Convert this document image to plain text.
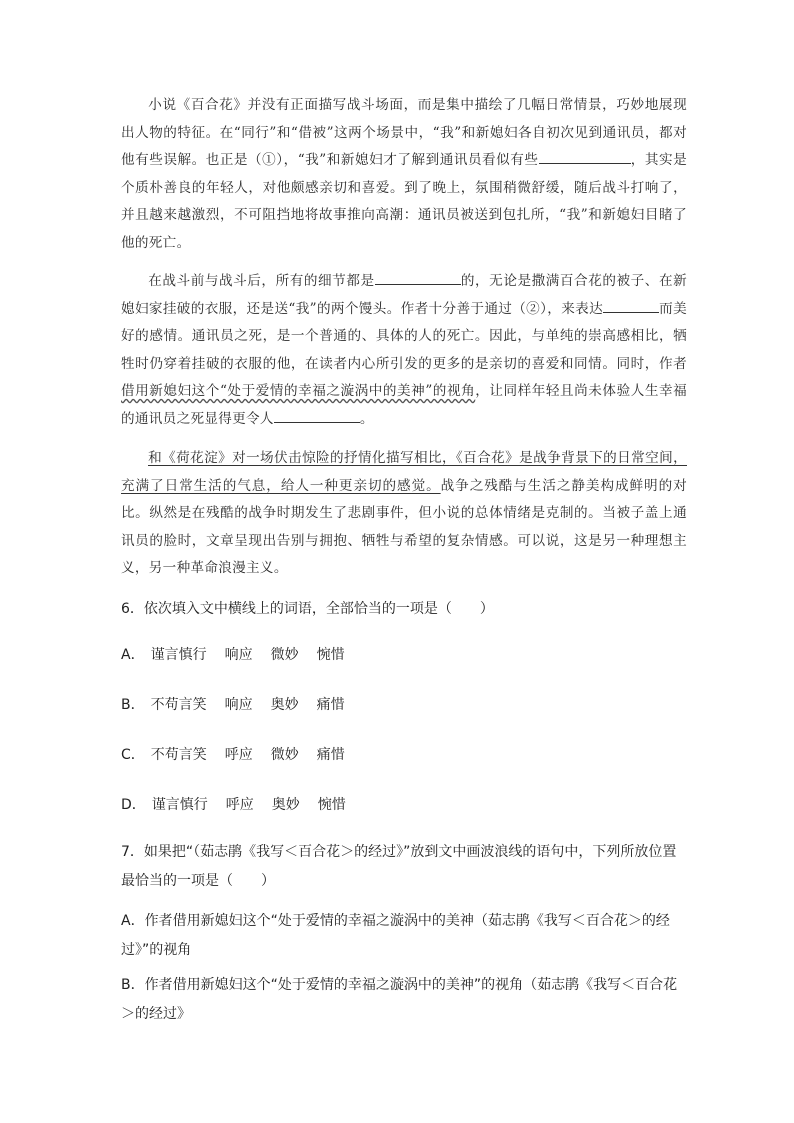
小说《百合花》并没有正面描写战斗场面，而是集中描绘了几幅日常情景，巧妙地展现出人物的特征。在“同行”和“借被”这两个场景中，“我”和新媳妇各自初次见到通讯员，都对他有些误解。也正是（①），“我”和新媳妇才了解到通讯员看似有些	，其实是个质朴善良的年轻人，对他颇感亲切和喜爱。到了晚上，氛围稍微舒缓，随后战斗打响了，并且越来越激烈，不可阻挡地将故事推向高潮：通讯员被送到包扎所，“我”和新媳妇目睹了他的死亡。
在战斗前与战斗后，所有的细节都是	的，无论是撒满百合花的被子、在新媳妇家挂破的衣服，还是送“我”的两个馒头。作者十分善于通过（②），来表达	而美好的感情。通讯员之死，是一个普通的、具体的人的死亡。因此，与单纯的崇高感相比，牺牲时仍穿着挂破的衣服的他，在读者内心所引发的更多的是亲切的喜爱和同情。同时，作者借用新媳妇这个“处于爱情的幸福之漩涡中的美神”的视角，让同样年轻且尚未体验人生幸福的通讯员之死显得更令人	。
和《荷花淀》对一场伏击惊险的抒情化描写相比，《百合花》是战争背景下的日常空间，充满了日常生活的气息，给人一种更亲切的感觉。战争之残酷与生活之静美构成鲜明的对比。纵然是在残酷的战争时期发生了悲剧事件，但小说的总体情绪是克制的。当被子盖上通讯员的脸时，文章呈现出告别与拥抱、牺牲与希望的复杂情感。可以说，这是另一种理想主义，另一种革命浪漫主义。
6．依次填入文中横线上的词语，全部恰当的一项是（　　）
A． 谨言慎行 响应 微妙 惋惜
B． 不苟言笑 响应 奥妙 痛惜
C． 不苟言笑 呼应 微妙 痛惜
D． 谨言慎行 呼应 奥妙 惋惜
7．如果把“（茹志鹃《我写＜百合花＞的经过》”放到文中画波浪线的语句中，下列所放位置最恰当的一项是（　　）
A．作者借用新媳妇这个“处于爱情的幸福之漩涡中的美神（茹志鹃《我写＜百合花＞的经过》”的视角
B．作者借用新媳妇这个“处于爱情的幸福之漩涡中的美神”的视角（茹志鹃《我写＜百合花＞的经过》
